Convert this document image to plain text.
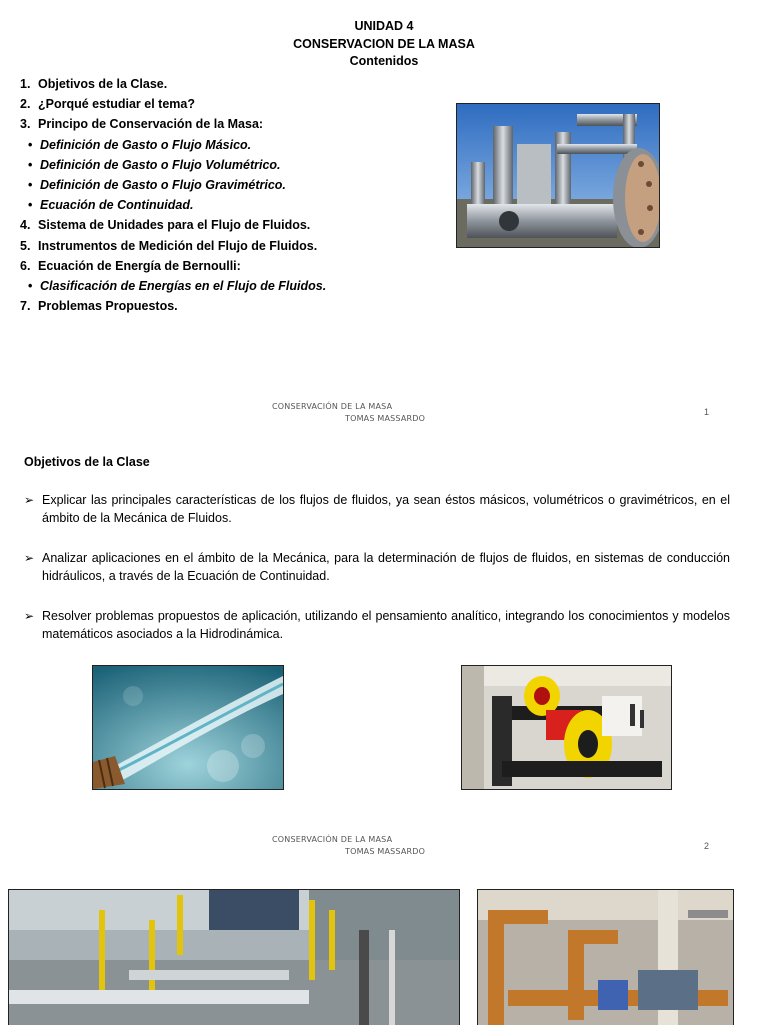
UNIDAD 4
CONSERVACION DE LA MASA
Contenidos
1. Objetivos de la Clase.
2. ¿Porqué estudiar el tema?
3. Principo de Conservación de la Masa:
• Definición de Gasto o Flujo Másico.
• Definición de Gasto o Flujo Volumétrico.
• Definición de Gasto o Flujo Gravimétrico.
• Ecuación de Continuidad.
4. Sistema de Unidades para el Flujo de Fluidos.
5. Instrumentos de Medición del Flujo de Fluidos.
6. Ecuación de Energía de Bernoulli:
• Clasificación de Energías en el Flujo de Fluidos.
7. Problemas Propuestos.
CONSERVACIÓN DE LA MASA
TOMAS MASSARDO
1
Objetivos de la Clase
➢ Explicar las principales características de los flujos de fluidos, ya sean éstos másicos, volumétricos o gravimétricos, en el ámbito de la Mecánica de Fluidos.
➢ Analizar aplicaciones en el ámbito de la Mecánica, para la determinación de flujos de fluidos, en sistemas de conducción hidráulicos, a través de la Ecuación de Continuidad.
➢ Resolver problemas propuestos de aplicación, utilizando el pensamiento analítico, integrando los conocimientos y modelos matemáticos asociados a la Hidrodinámica.
CONSERVACIÓN DE LA MASA
TOMAS MASSARDO
2
